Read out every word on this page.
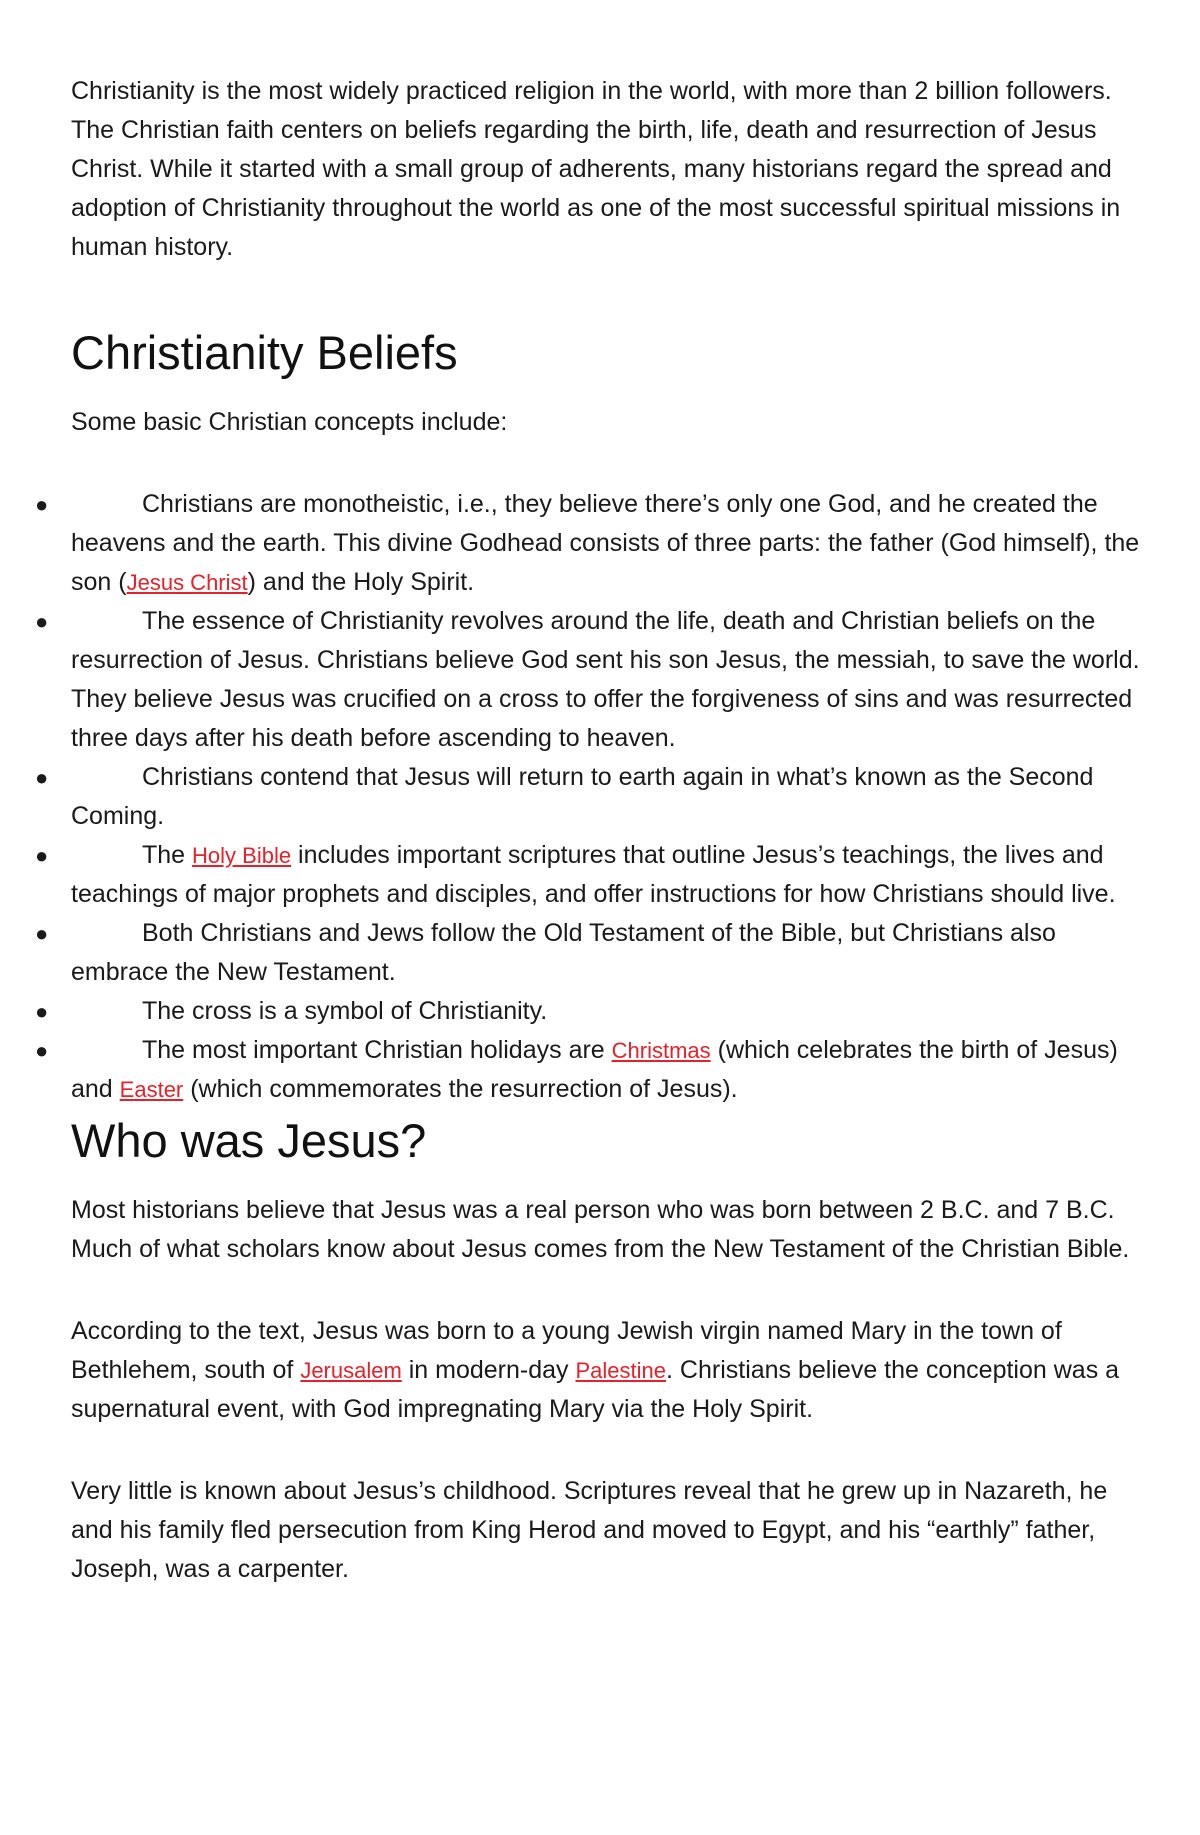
Christianity is the most widely practiced religion in the world, with more than 2 billion followers. The Christian faith centers on beliefs regarding the birth, life, death and resurrection of Jesus Christ. While it started with a small group of adherents, many historians regard the spread and adoption of Christianity throughout the world as one of the most successful spiritual missions in human history.

Christianity Beliefs

Some basic Christian concepts include:

●	Christians are monotheistic, i.e., they believe there’s only one God, and he created the heavens and the earth. This divine Godhead consists of three parts: the father (God himself), the son (Jesus Christ) and the Holy Spirit.
●	The essence of Christianity revolves around the life, death and Christian beliefs on the resurrection of Jesus. Christians believe God sent his son Jesus, the messiah, to save the world. They believe Jesus was crucified on a cross to offer the forgiveness of sins and was resurrected three days after his death before ascending to heaven.
●	Christians contend that Jesus will return to earth again in what’s known as the Second Coming.
●	The Holy Bible includes important scriptures that outline Jesus’s teachings, the lives and teachings of major prophets and disciples, and offer instructions for how Christians should live.
●	Both Christians and Jews follow the Old Testament of the Bible, but Christians also embrace the New Testament.
●	The cross is a symbol of Christianity.
●	The most important Christian holidays are Christmas (which celebrates the birth of Jesus) and Easter (which commemorates the resurrection of Jesus).
Who was Jesus?

Most historians believe that Jesus was a real person who was born between 2 B.C. and 7 B.C. Much of what scholars know about Jesus comes from the New Testament of the Christian Bible.

According to the text, Jesus was born to a young Jewish virgin named Mary in the town of Bethlehem, south of Jerusalem in modern-day Palestine. Christians believe the conception was a supernatural event, with God impregnating Mary via the Holy Spirit.

Very little is known about Jesus’s childhood. Scriptures reveal that he grew up in Nazareth, he and his family fled persecution from King Herod and moved to Egypt, and his “earthly” father, Joseph, was a carpenter.
